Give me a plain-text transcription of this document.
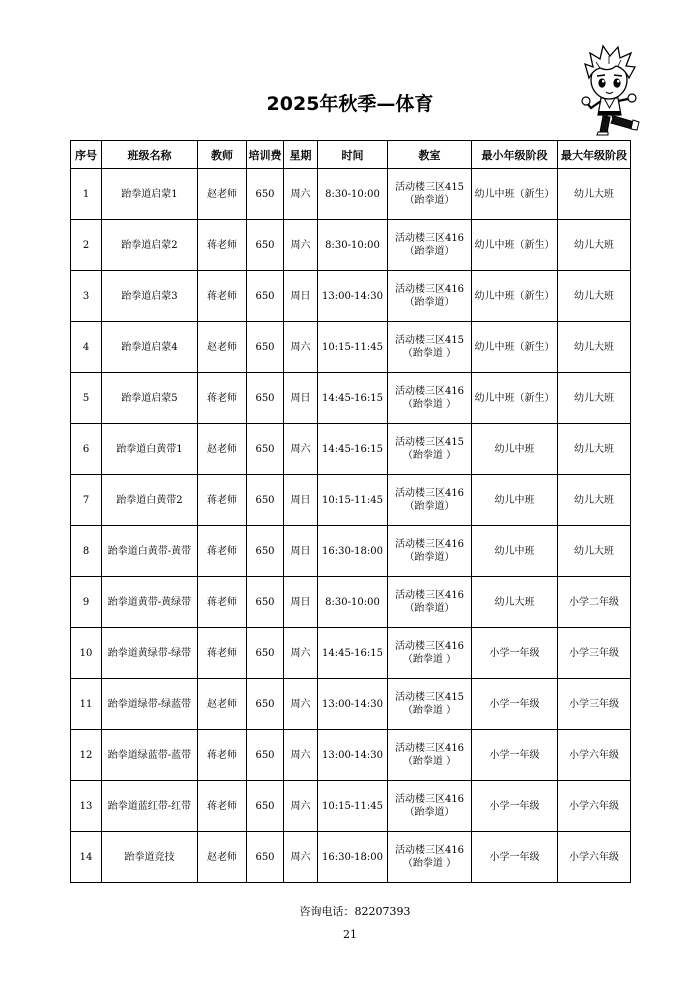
2025年秋季—体育
序号	班级名称	教师	培训费	星期	时间	教室	最小年级阶段	最大年级阶段
1	跆拳道启蒙1	赵老师	650	周六	8:30-10:00	活动楼三区415
（跆拳道）	幼儿中班（新生）	幼儿大班
2	跆拳道启蒙2	蒋老师	650	周六	8:30-10:00	活动楼三区416
（跆拳道）	幼儿中班（新生）	幼儿大班
3	跆拳道启蒙3	蒋老师	650	周日	13:00-14:30	活动楼三区416
（跆拳道）	幼儿中班（新生）	幼儿大班
4	跆拳道启蒙4	赵老师	650	周六	10:15-11:45	活动楼三区415
（跆拳道 ）	幼儿中班（新生）	幼儿大班
5	跆拳道启蒙5	蒋老师	650	周日	14:45-16:15	活动楼三区416
（跆拳道 ）	幼儿中班（新生）	幼儿大班
6	跆拳道白黄带1	赵老师	650	周六	14:45-16:15	活动楼三区415
（跆拳道 ）	幼儿中班	幼儿大班
7	跆拳道白黄带2	蒋老师	650	周日	10:15-11:45	活动楼三区416
（跆拳道）	幼儿中班	幼儿大班
8	跆拳道白黄带-黄带	蒋老师	650	周日	16:30-18:00	活动楼三区416
（跆拳道）	幼儿中班	幼儿大班
9	跆拳道黄带-黄绿带	蒋老师	650	周日	8:30-10:00	活动楼三区416
（跆拳道）	幼儿大班	小学二年级
10	跆拳道黄绿带-绿带	蒋老师	650	周六	14:45-16:15	活动楼三区416
（跆拳道 ）	小学一年级	小学三年级
11	跆拳道绿带-绿蓝带	赵老师	650	周六	13:00-14:30	活动楼三区415
（跆拳道 ）	小学一年级	小学三年级
12	跆拳道绿蓝带-蓝带	蒋老师	650	周六	13:00-14:30	活动楼三区416
（跆拳道 ）	小学一年级	小学六年级
13	跆拳道蓝红带-红带	蒋老师	650	周六	10:15-11:45	活动楼三区416
（跆拳道）	小学一年级	小学六年级
14	跆拳道竞技	赵老师	650	周六	16:30-18:00	活动楼三区416
（跆拳道 ）	小学一年级	小学六年级
咨询电话：82207393
21
